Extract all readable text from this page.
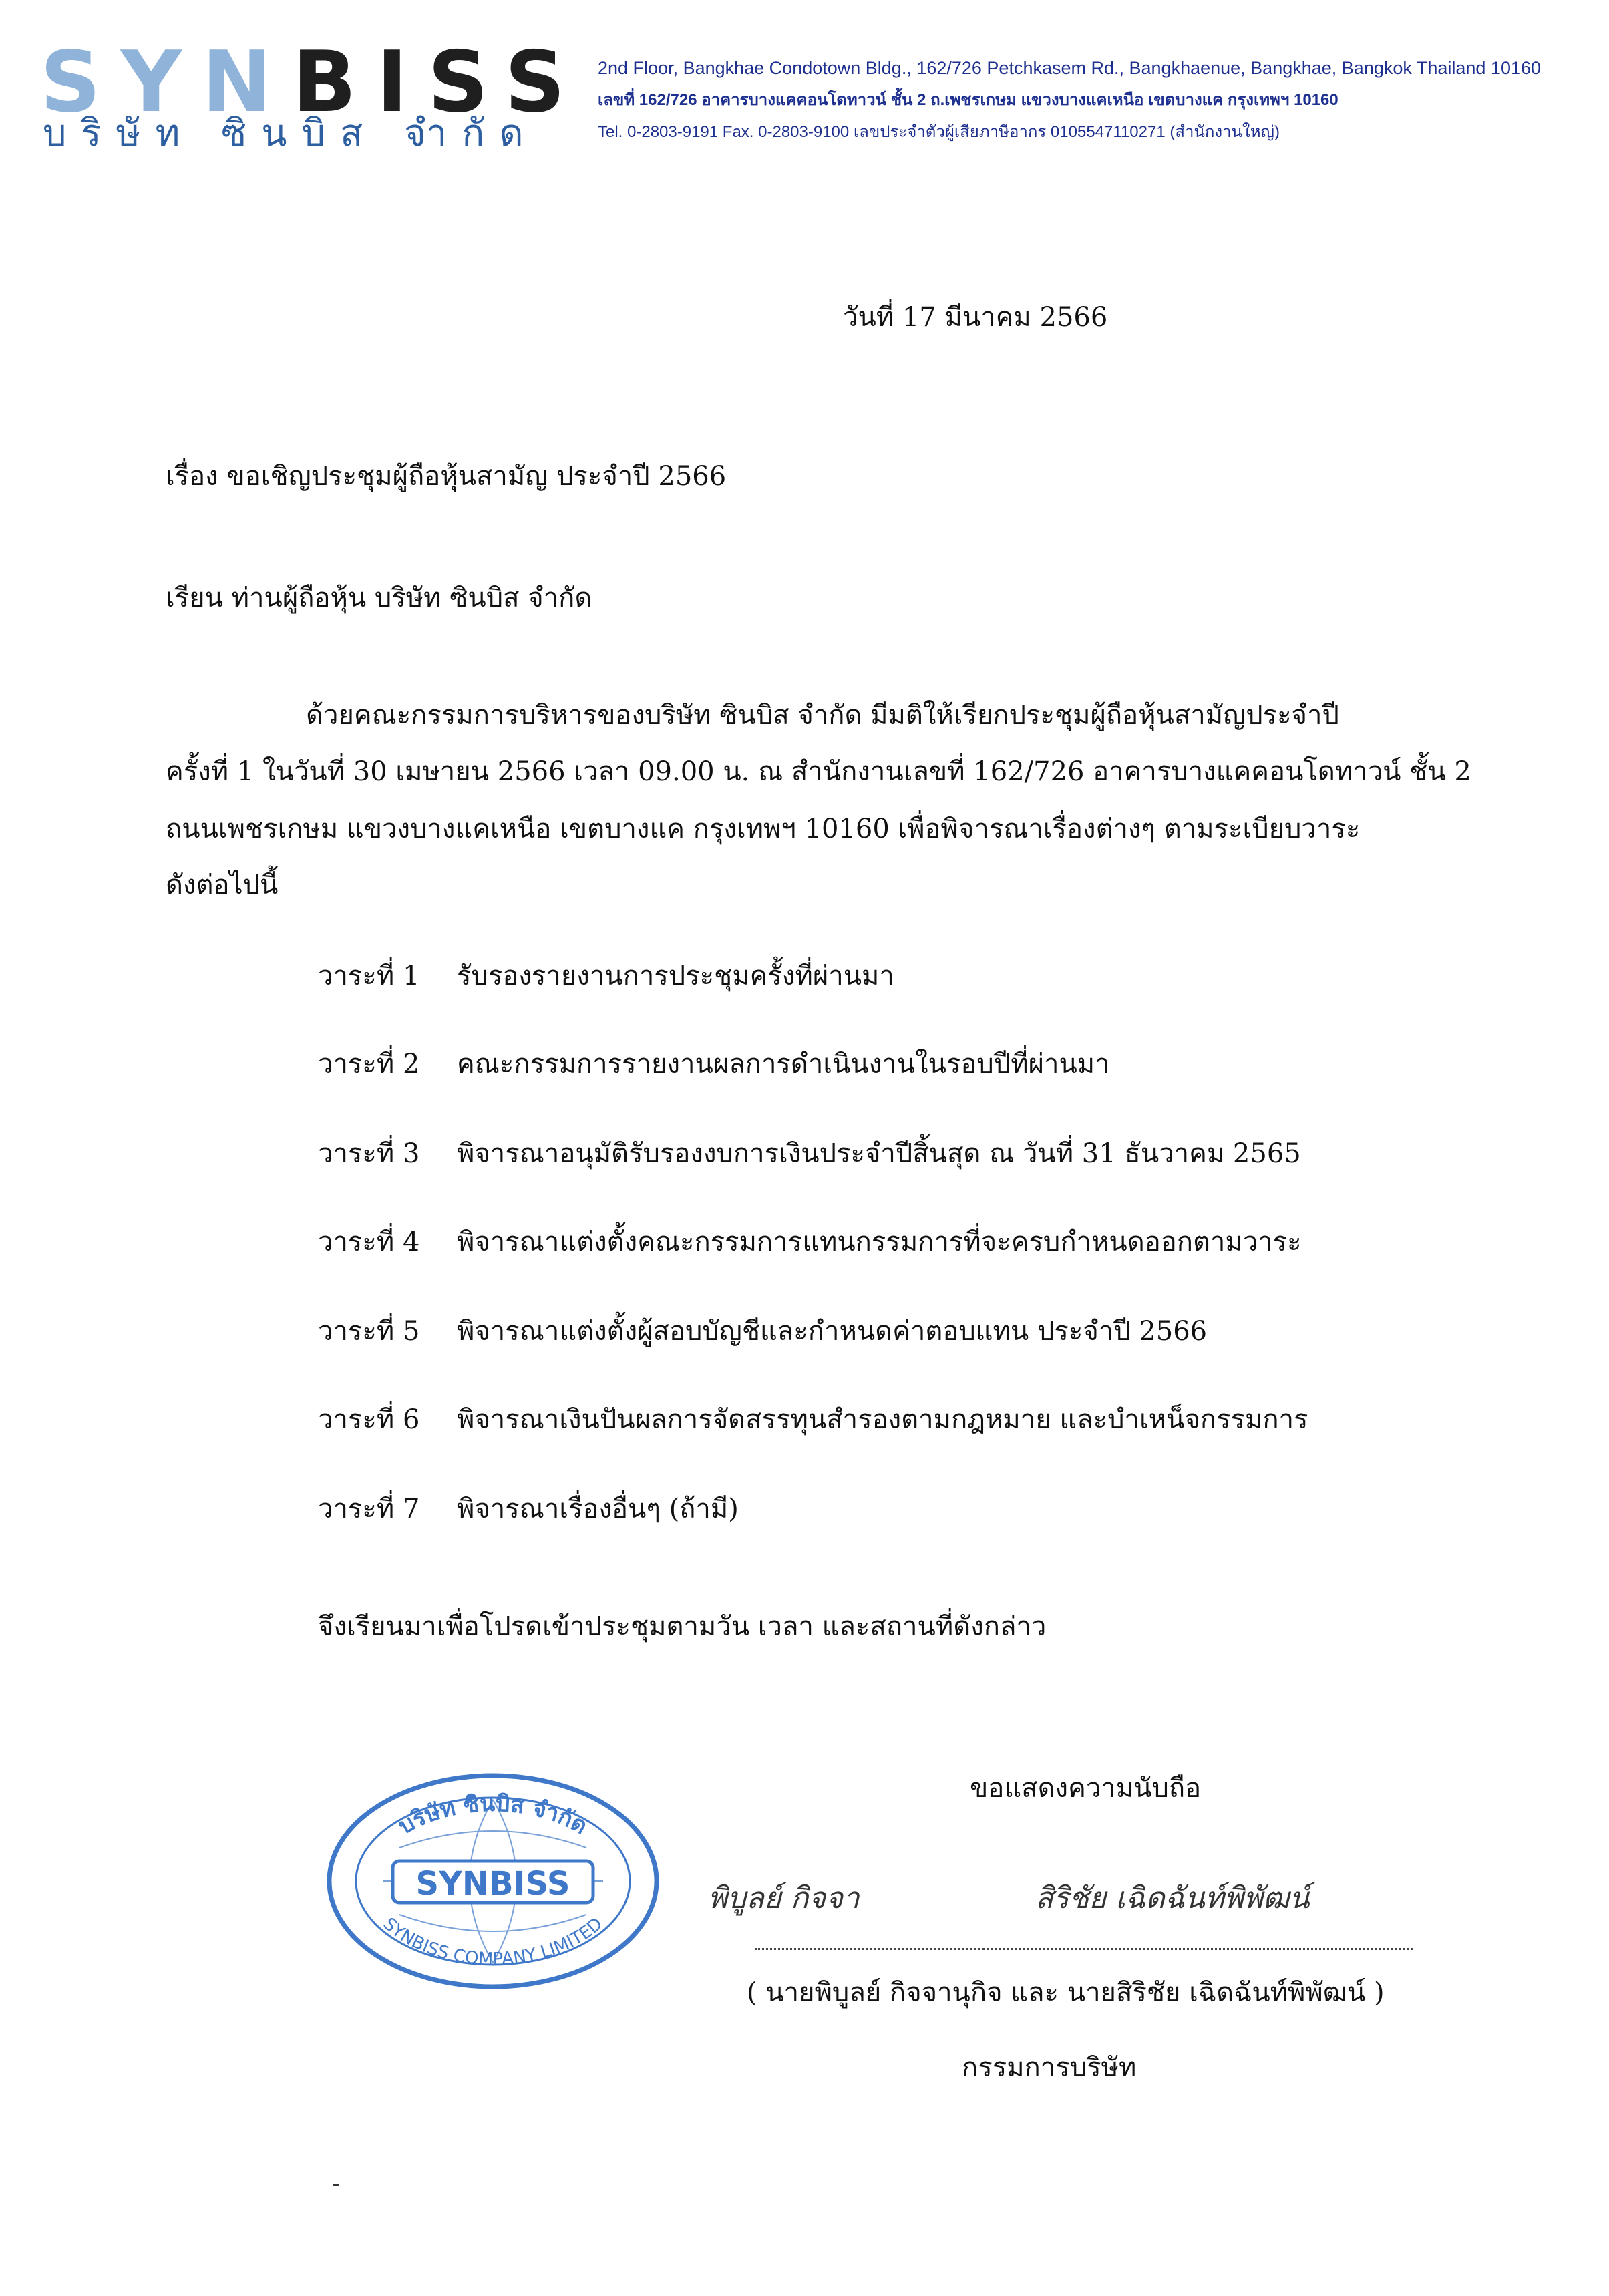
SYNBISS
บริษัท ซินบิส จำกัด
2nd Floor, Bangkhae Condotown Bldg., 162/726 Petchkasem Rd., Bangkhaenue, Bangkhae, Bangkok Thailand 10160
เลขที่ 162/726 อาคารบางแคคอนโดทาวน์ ชั้น 2 ถ.เพชรเกษม แขวงบางแคเหนือ เขตบางแค กรุงเทพฯ 10160
Tel. 0-2803-9191 Fax. 0-2803-9100 เลขประจำตัวผู้เสียภาษีอากร 0105547110271 (สำนักงานใหญ่)
วันที่ 17 มีนาคม 2566
เรื่อง ขอเชิญประชุมผู้ถือหุ้นสามัญ ประจำปี 2566
เรียน ท่านผู้ถือหุ้น บริษัท ซินบิส จำกัด
ด้วยคณะกรรมการบริหารของบริษัท ซินบิส จำกัด มีมติให้เรียกประชุมผู้ถือหุ้นสามัญประจำปี
ครั้งที่ 1 ในวันที่ 30 เมษายน 2566 เวลา 09.00 น. ณ สำนักงานเลขที่ 162/726 อาคารบางแคคอนโดทาวน์ ชั้น 2
ถนนเพชรเกษม แขวงบางแคเหนือ เขตบางแค กรุงเทพฯ 10160 เพื่อพิจารณาเรื่องต่างๆ ตามระเบียบวาระ
ดังต่อไปนี้
วาระที่ 1 รับรองรายงานการประชุมครั้งที่ผ่านมา
วาระที่ 2 คณะกรรมการรายงานผลการดำเนินงานในรอบปีที่ผ่านมา
วาระที่ 3 พิจารณาอนุมัติรับรองงบการเงินประจำปีสิ้นสุด ณ วันที่ 31 ธันวาคม 2565
วาระที่ 4 พิจารณาแต่งตั้งคณะกรรมการแทนกรรมการที่จะครบกำหนดออกตามวาระ
วาระที่ 5 พิจารณาแต่งตั้งผู้สอบบัญชีและกำหนดค่าตอบแทน ประจำปี 2566
วาระที่ 6 พิจารณาเงินปันผลการจัดสรรทุนสำรองตามกฎหมาย และบำเหน็จกรรมการ
วาระที่ 7 พิจารณาเรื่องอื่นๆ (ถ้ามี)
จึงเรียนมาเพื่อโปรดเข้าประชุมตามวัน เวลา และสถานที่ดังกล่าว
ขอแสดงความนับถือ
พิบูลย์ กิจจา	สิริชัย เฉิดฉันท์พิพัฒน์
( นายพิบูลย์ กิจจานุกิจ และ นายสิริชัย เฉิดฉันท์พิพัฒน์ )
กรรมการบริษัท
SYNBISS
บริษัท ซินบิส จำกัด
SYNBISS COMPANY LIMITED
